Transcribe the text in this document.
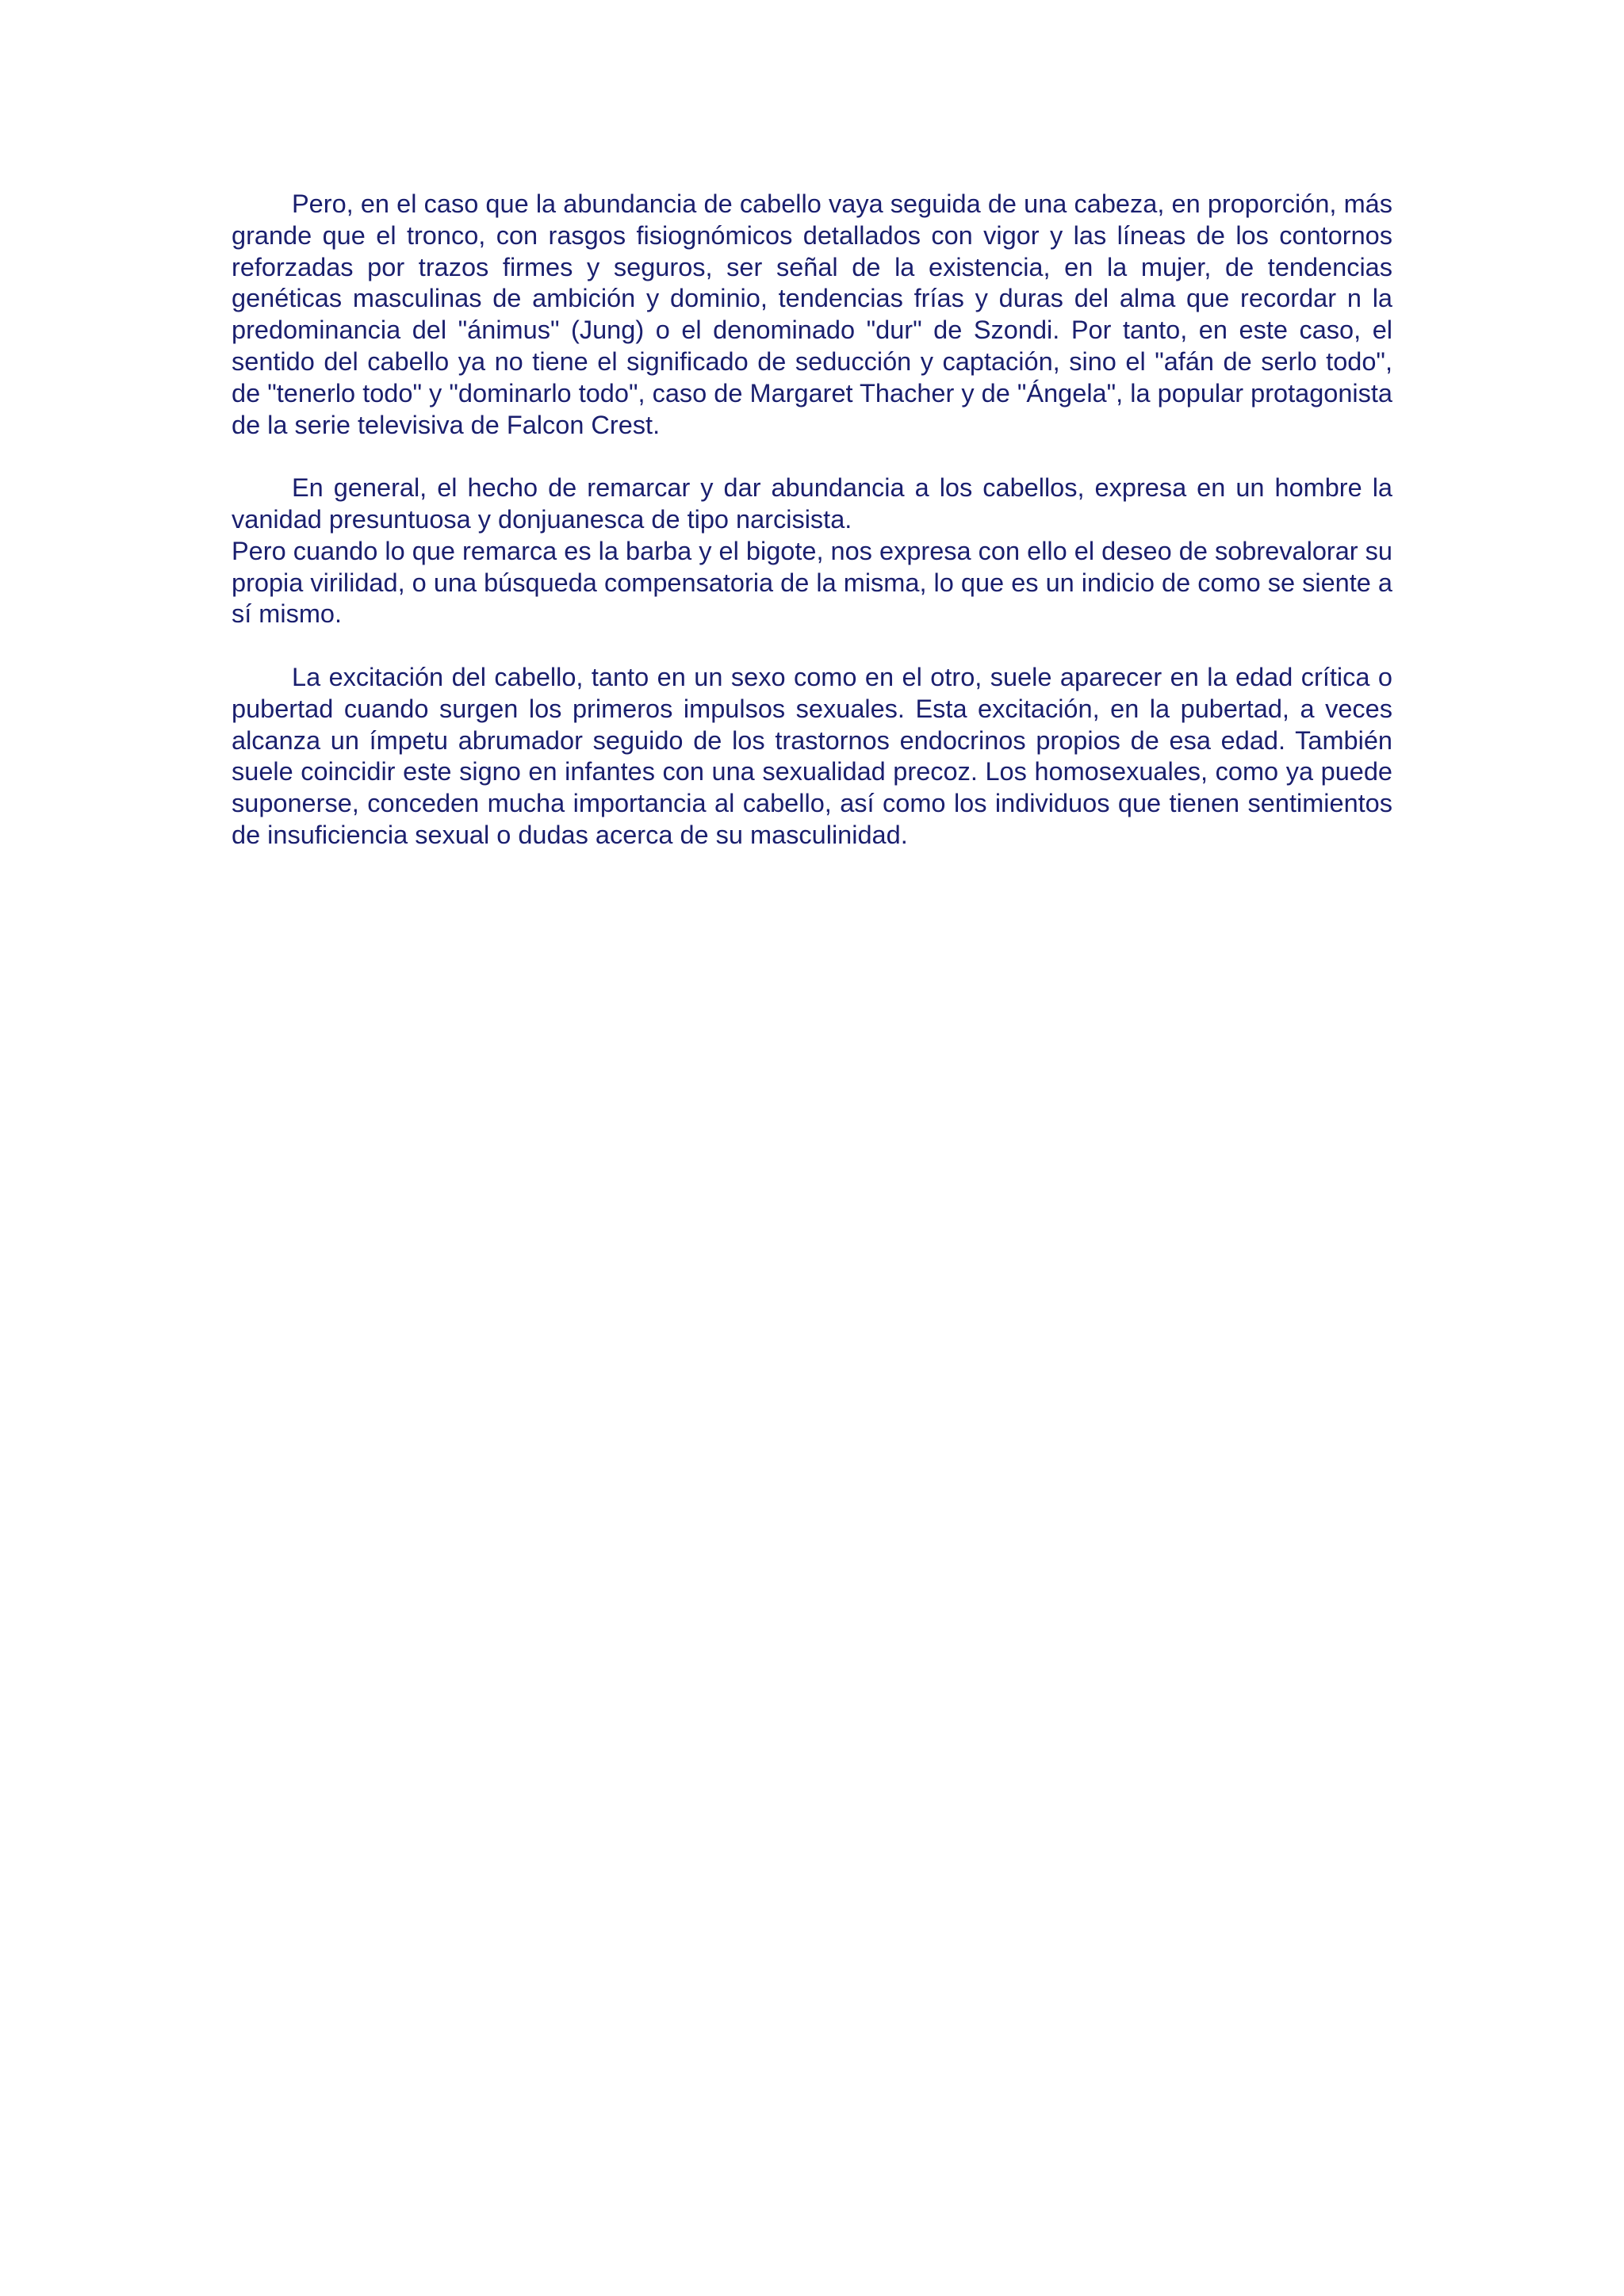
Pero, en el caso que la abundancia de cabello vaya seguida de una cabeza, en proporción, más grande que el tronco, con rasgos fisiognómicos detallados con vigor y las líneas de los contornos reforzadas por trazos firmes y seguros, ser señal de la existencia, en la mujer, de tendencias genéticas masculinas de ambición y dominio, tendencias frías y duras del alma que recordar n la predominancia del "ánimus" (Jung) o el denominado "dur" de Szondi. Por tanto, en este caso, el sentido del cabello ya no tiene el significado de seducción y captación, sino el "afán de serlo todo", de "tenerlo todo" y "dominarlo todo", caso de Margaret Thacher y de "Ángela", la popular protagonista de la serie televisiva de Falcon Crest.

En general, el hecho de remarcar y dar abundancia a los cabellos, expresa en un hombre la vanidad presuntuosa y donjuanesca de tipo narcisista.

Pero cuando lo que remarca es la barba y el bigote, nos expresa con ello el deseo de sobrevalorar su propia virilidad, o una búsqueda compensatoria de la misma, lo que es un indicio de como se siente a sí mismo.

La excitación del cabello, tanto en un sexo como en el otro, suele aparecer en la edad crítica o pubertad cuando surgen los primeros impulsos sexuales. Esta excitación, en la pubertad, a veces alcanza un ímpetu abrumador seguido de los trastornos endocrinos propios de esa edad. También suele coincidir este signo en infantes con una sexualidad precoz. Los homosexuales, como ya puede suponerse, conceden mucha importancia al cabello, así como los individuos que tienen sentimientos de insuficiencia sexual o dudas acerca de su masculinidad.
